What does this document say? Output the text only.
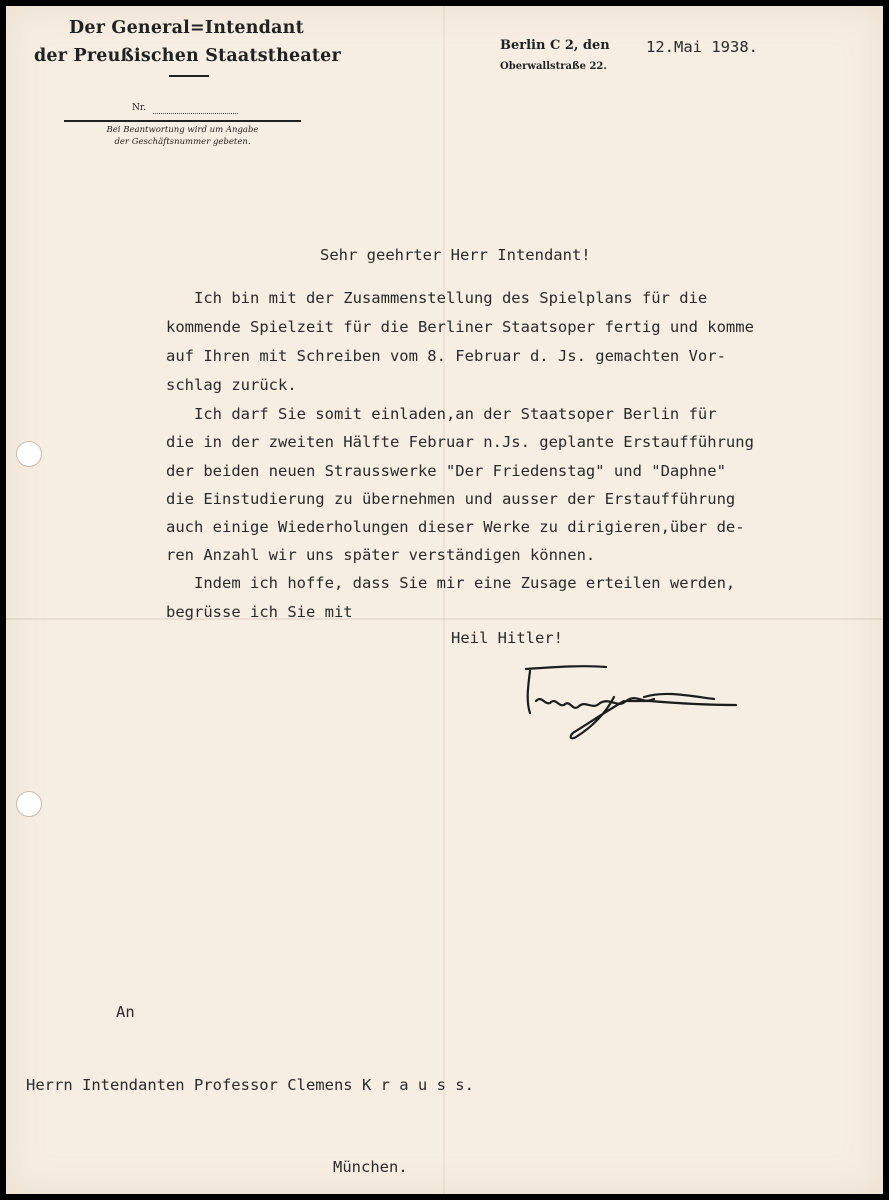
Der General=Intendant
der Preußischen Staatstheater
Berlin C 2, den
Oberwallstraße 22.
12.Mai 1938.
Nr.
Bei Beantwortung wird um Angabe
der Geschäftsnummer gebeten.
Sehr geehrter Herr Intendant!
Ich bin mit der Zusammenstellung des Spielplans für die
kommende Spielzeit für die Berliner Staatsoper fertig und komme
auf Ihren mit Schreiben vom 8. Februar d. Js. gemachten Vor-
schlag zurück.
Ich darf Sie somit einladen,an der Staatsoper Berlin für
die in der zweiten Hälfte Februar n.Js. geplante Erstaufführung
der beiden neuen Strausswerke "Der Friedenstag" und "Daphne"
die Einstudierung zu übernehmen und ausser der Erstaufführung
auch einige Wiederholungen dieser Werke zu dirigieren,über de-
ren Anzahl wir uns später verständigen können.
Indem ich hoffe, dass Sie mir eine Zusage erteilen werden,
begrüsse ich Sie mit
Heil Hitler!
An
Herrn Intendanten Professor Clemens K r a u s s.
München.
